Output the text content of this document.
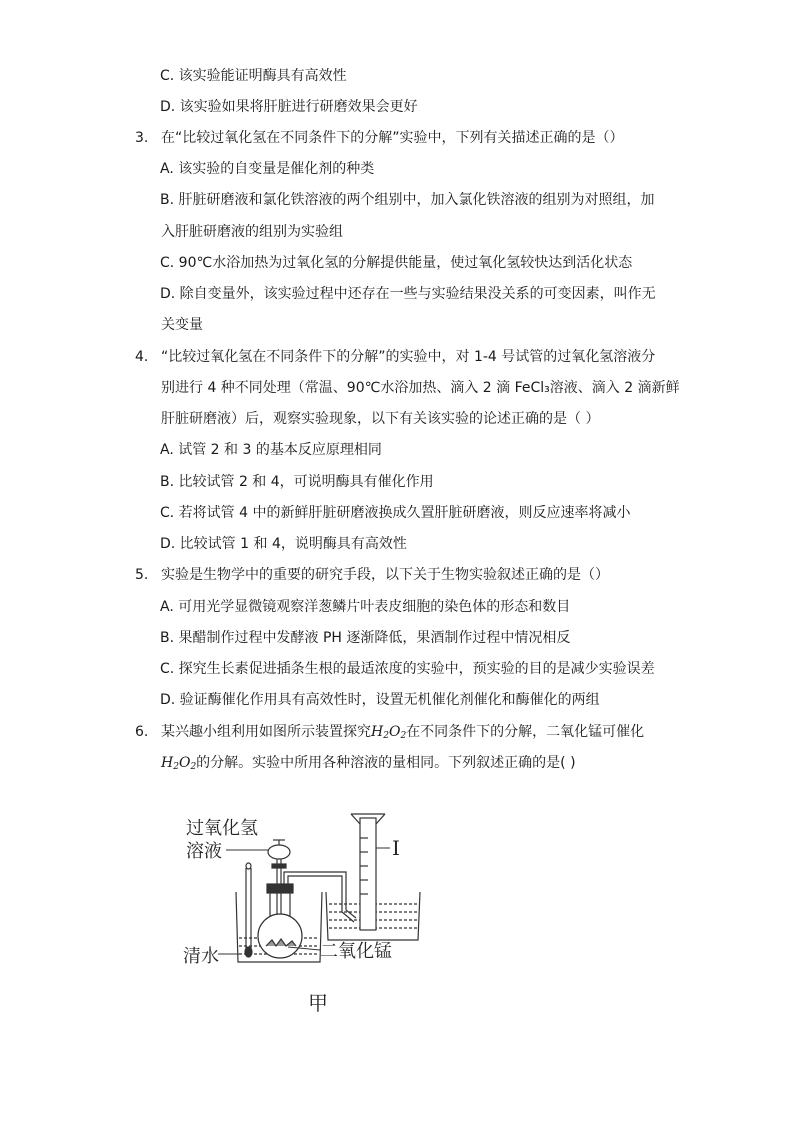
C. 该实验能证明酶具有高效性
D. 该实验如果将肝脏进行研磨效果会更好
3. 在“比较过氧化氢在不同条件下的分解”实验中，下列有关描述正确的是（）
A. 该实验的自变量是催化剂的种类
B. 肝脏研磨液和氯化铁溶液的两个组别中，加入氯化铁溶液的组别为对照组，加
入肝脏研磨液的组别为实验组
C. 90℃水浴加热为过氧化氢的分解提供能量，使过氧化氢较快达到活化状态
D. 除自变量外，该实验过程中还存在一些与实验结果没关系的可变因素，叫作无
关变量
4. “比较过氧化氢在不同条件下的分解”的实验中，对 1-4 号试管的过氧化氢溶液分
别进行 4 种不同处理（常温、90℃水浴加热、滴入 2 滴 FeCl₃溶液、滴入 2 滴新鲜
肝脏研磨液）后，观察实验现象，以下有关该实验的论述正确的是（ ）
A. 试管 2 和 3 的基本反应原理相同
B. 比较试管 2 和 4，可说明酶具有催化作用
C. 若将试管 4 中的新鲜肝脏研磨液换成久置肝脏研磨液，则反应速率将减小
D. 比较试管 1 和 4，说明酶具有高效性
5. 实验是生物学中的重要的研究手段，以下关于生物实验叙述正确的是（）
A. 可用光学显微镜观察洋葱鳞片叶表皮细胞的染色体的形态和数目
B. 果醋制作过程中发酵液 PH 逐渐降低，果酒制作过程中情况相反
C. 探究生长素促进插条生根的最适浓度的实验中，预实验的目的是减少实验误差
D. 验证酶催化作用具有高效性时，设置无机催化剂催化和酶催化的两组
6. 某兴趣小组利用如图所示装置探究$H_2O_2$在不同条件下的分解，二氧化锰可催化
$H_2O_2$的分解。实验中所用各种溶液的量相同。下列叙述正确的是( )
过氧化氢
溶液
清水	二氧化锰
I
甲
